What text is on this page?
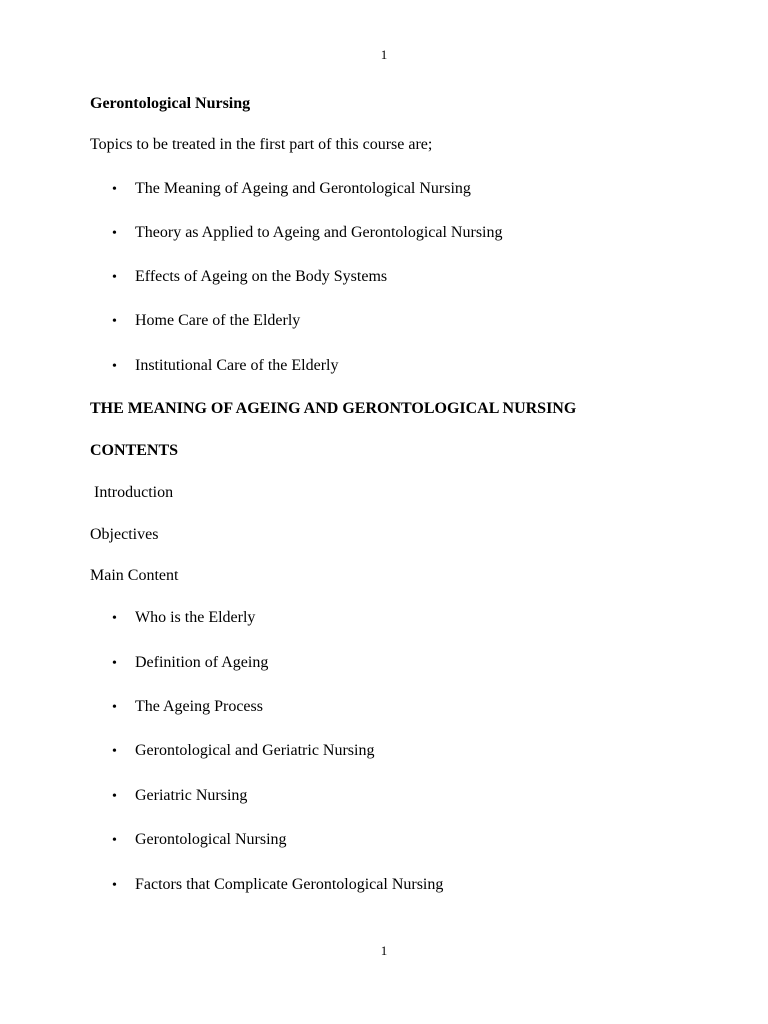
1
Gerontological Nursing
Topics to be treated in the first part of this course are;
• The Meaning of Ageing and Gerontological Nursing
• Theory as Applied to Ageing and Gerontological Nursing
• Effects of Ageing on the Body Systems
• Home Care of the Elderly
• Institutional Care of the Elderly
THE MEANING OF AGEING AND GERONTOLOGICAL NURSING
CONTENTS
Introduction
Objectives
Main Content
• Who is the Elderly
• Definition of Ageing
• The Ageing Process
• Gerontological and Geriatric Nursing
• Geriatric Nursing
• Gerontological Nursing
• Factors that Complicate Gerontological Nursing
1
